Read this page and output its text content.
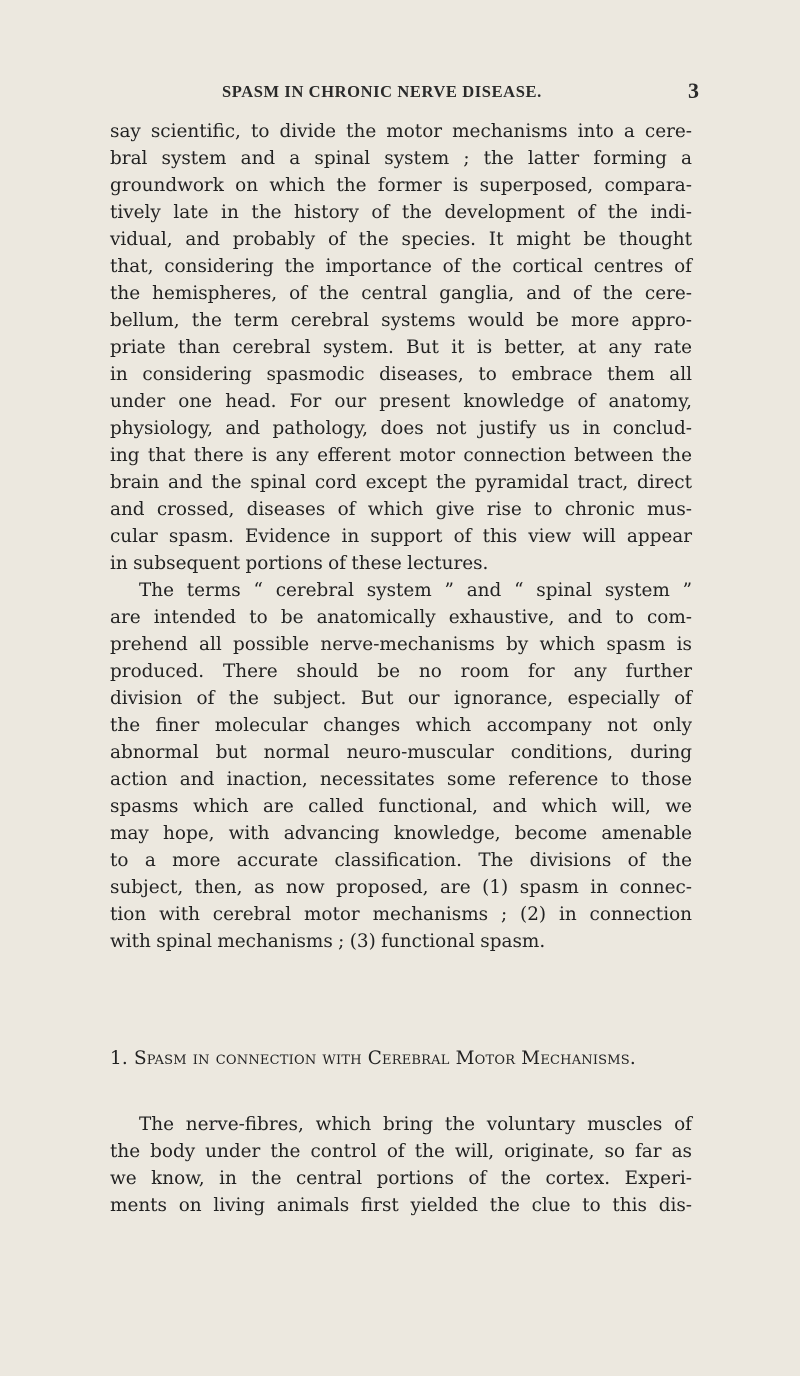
SPASM IN CHRONIC NERVE DISEASE.	3
say scientific, to divide the motor mechanisms into a cere-
bral system and a spinal system ; the latter forming a
groundwork on which the former is superposed, compara-
tively late in the history of the development of the indi-
vidual, and probably of the species. It might be thought
that, considering the importance of the cortical centres of
the hemispheres, of the central ganglia, and of the cere-
bellum, the term cerebral systems would be more appro-
priate than cerebral system. But it is better, at any rate
in considering spasmodic diseases, to embrace them all
under one head. For our present knowledge of anatomy,
physiology, and pathology, does not justify us in conclud-
ing that there is any efferent motor connection between the
brain and the spinal cord except the pyramidal tract, direct
and crossed, diseases of which give rise to chronic mus-
cular spasm. Evidence in support of this view will appear
in subsequent portions of these lectures.
The terms “ cerebral system ” and “ spinal system ”
are intended to be anatomically exhaustive, and to com-
prehend all possible nerve-mechanisms by which spasm is
produced. There should be no room for any further
division of the subject. But our ignorance, especially of
the finer molecular changes which accompany not only
abnormal but normal neuro-muscular conditions, during
action and inaction, necessitates some reference to those
spasms which are called functional, and which will, we
may hope, with advancing knowledge, become amenable
to a more accurate classification. The divisions of the
subject, then, as now proposed, are (1) spasm in connec-
tion with cerebral motor mechanisms ; (2) in connection
with spinal mechanisms ; (3) functional spasm.
1. Spasm in connection with Cerebral Motor Mechanisms.
The nerve-fibres, which bring the voluntary muscles of
the body under the control of the will, originate, so far as
we know, in the central portions of the cortex. Experi-
ments on living animals first yielded the clue to this dis-
